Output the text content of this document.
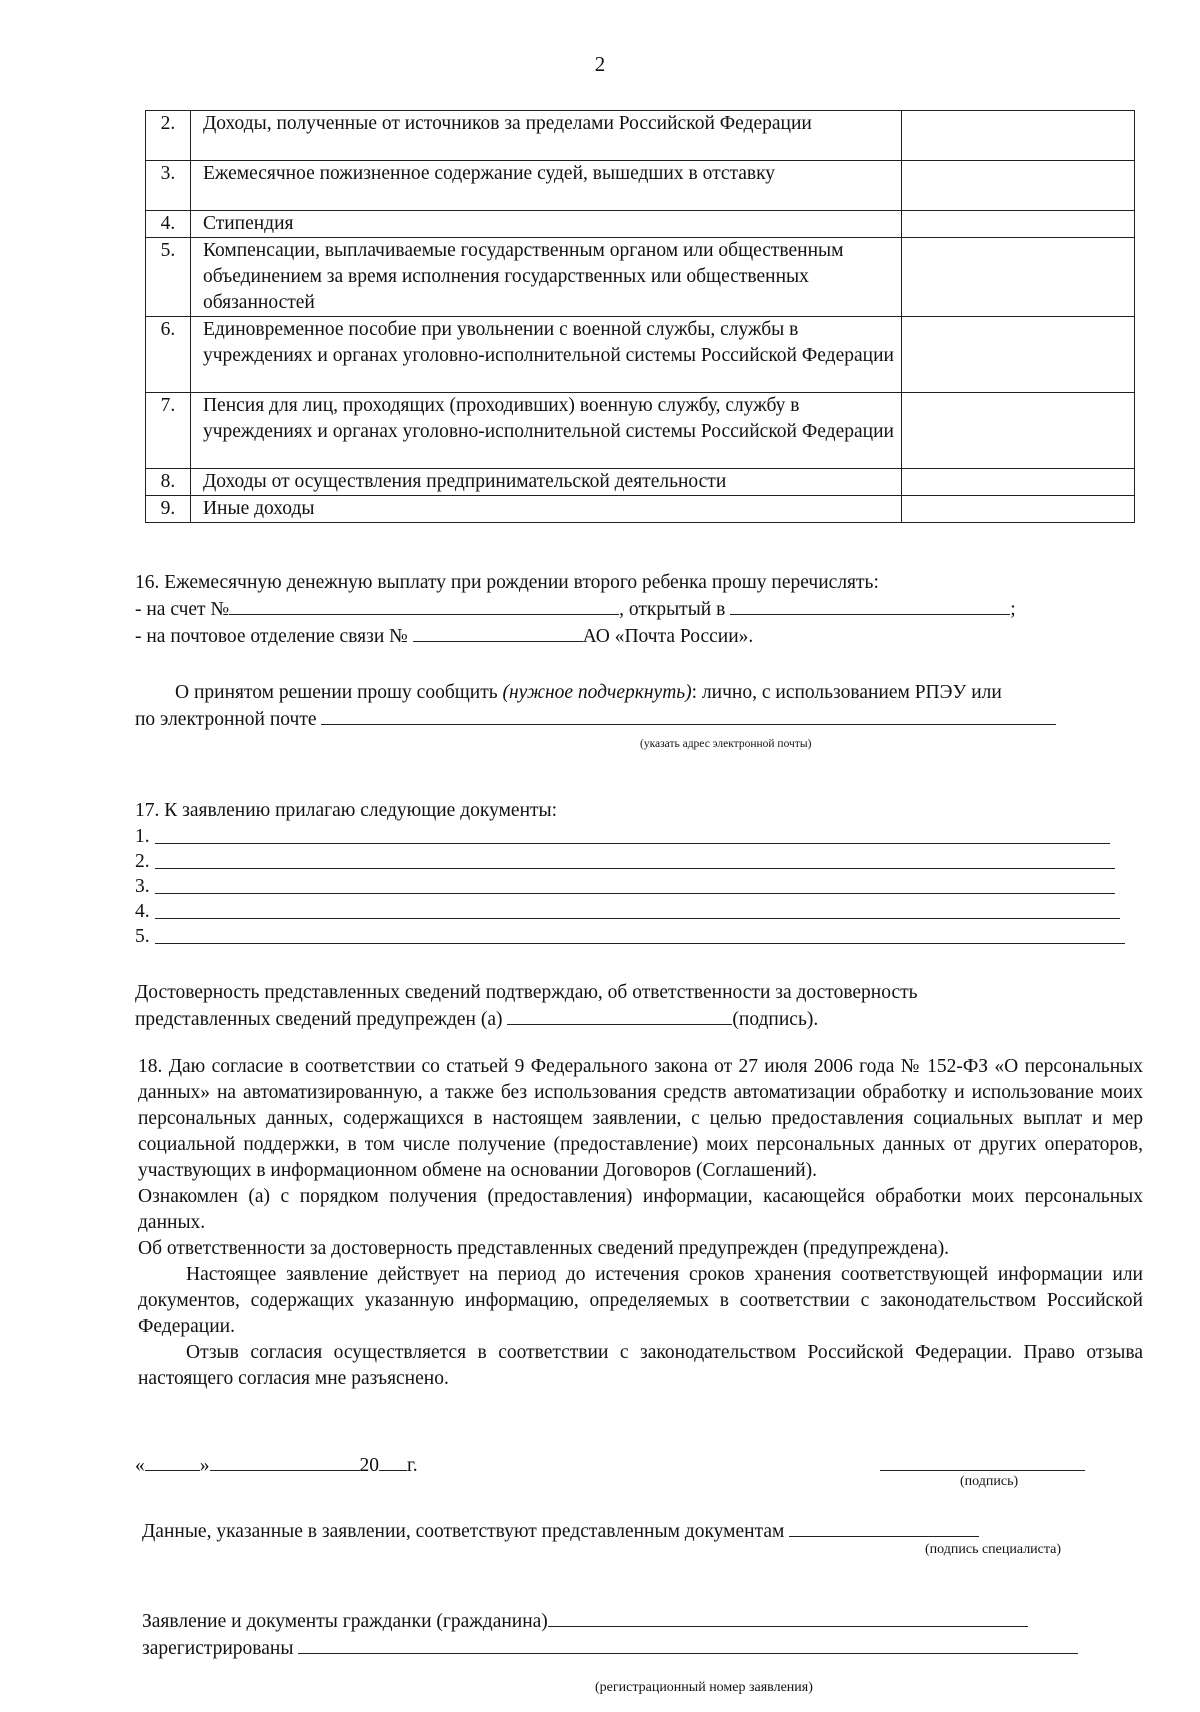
2
2.	Доходы, полученные от источников за пределами Российской Федерации	
3.	Ежемесячное пожизненное содержание судей, вышедших в отставку	
4.	Стипендия	
5.	Компенсации, выплачиваемые государственным органом или общественным объединением за время исполнения государственных или общественных обязанностей	
6.	Единовременное пособие при увольнении с военной службы, службы в учреждениях и органах уголовно-исполнительной системы Российской Федерации	
7.	Пенсия для лиц, проходящих (проходивших) военную службу, службу в учреждениях и органах уголовно-исполнительной системы Российской Федерации	
8.	Доходы от осуществления предпринимательской деятельности	
9.	Иные доходы	
16. Ежемесячную денежную выплату при рождении второго ребенка прошу перечислять:
- на счет №	, открытый в	;
- на почтовое отделение связи №	АО «Почта России».
О принятом решении прошу сообщить (нужное подчеркнуть): лично, с использованием РПЭУ или
по электронной почте
(указать адрес электронной почты)
17. К заявлению прилагаю следующие документы:
1.
2.
3.
4.
5.
Достоверность представленных сведений подтверждаю, об ответственности за достоверность
представленных сведений предупрежден (а)	(подпись).
18. Даю согласие в соответствии со статьей 9 Федерального закона от 27 июля 2006 года № 152-ФЗ «О персональных данных» на автоматизированную, а также без использования средств автоматизации обработку и использование моих персональных данных, содержащихся в настоящем заявлении, с целью предоставления социальных выплат и мер социальной поддержки, в том числе получение (предоставление) моих персональных данных от других операторов, участвующих в информационном обмене на основании Договоров (Соглашений).
Ознакомлен (а) с порядком получения (предоставления) информации, касающейся обработки моих персональных данных.
Об ответственности за достоверность представленных сведений предупрежден (предупреждена).
Настоящее заявление действует на период до истечения сроков хранения соответствующей информации или документов, содержащих указанную информацию, определяемых в соответствии с законодательством Российской Федерации.
Отзыв согласия осуществляется в соответствии с законодательством Российской Федерации. Право отзыва настоящего согласия мне разъяснено.
«	»	20 г.
(подпись)
Данные, указанные в заявлении, соответствуют представленным документам
(подпись специалиста)
Заявление и документы гражданки (гражданина)
зарегистрированы
(регистрационный номер заявления)
